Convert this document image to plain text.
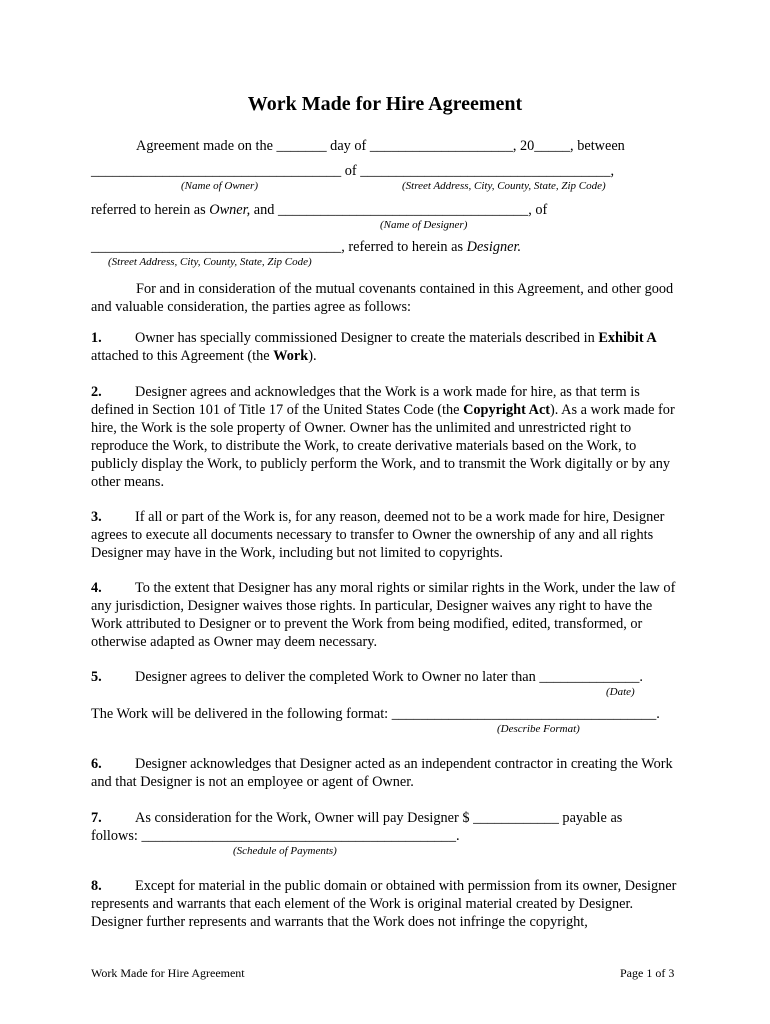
Work Made for Hire Agreement
Agreement made on the _______ day of ____________________, 20_____, between
___________________________________ of ___________________________________,
(Name of Owner)	(Street Address, City, County, State, Zip Code)
referred to herein as Owner, and ___________________________________, of
(Name of Designer)
___________________________________, referred to herein as Designer.
(Street Address, City, County, State, Zip Code)
For and in consideration of the mutual covenants contained in this Agreement, and other good and valuable consideration, the parties agree as follows:
1. Owner has specially commissioned Designer to create the materials described in Exhibit A attached to this Agreement (the Work).
2. Designer agrees and acknowledges that the Work is a work made for hire, as that term is defined in Section 101 of Title 17 of the United States Code (the Copyright Act). As a work made for hire, the Work is the sole property of Owner. Owner has the unlimited and unrestricted right to reproduce the Work, to distribute the Work, to create derivative materials based on the Work, to publicly display the Work, to publicly perform the Work, and to transmit the Work digitally or by any other means.
3. If all or part of the Work is, for any reason, deemed not to be a work made for hire, Designer agrees to execute all documents necessary to transfer to Owner the ownership of any and all rights Designer may have in the Work, including but not limited to copyrights.
4. To the extent that Designer has any moral rights or similar rights in the Work, under the law of any jurisdiction, Designer waives those rights. In particular, Designer waives any right to have the Work attributed to Designer or to prevent the Work from being modified, edited, transformed, or otherwise adapted as Owner may deem necessary.
5. Designer agrees to deliver the completed Work to Owner no later than ______________.
(Date)
The Work will be delivered in the following format: _____________________________________.
(Describe Format)
6. Designer acknowledges that Designer acted as an independent contractor in creating the Work and that Designer is not an employee or agent of Owner.
7. As consideration for the Work, Owner will pay Designer $ ____________ payable as
follows: ____________________________________________.
(Schedule of Payments)
8. Except for material in the public domain or obtained with permission from its owner, Designer represents and warrants that each element of the Work is original material created by Designer. Designer further represents and warrants that the Work does not infringe the copyright,
Work Made for Hire Agreement	Page 1 of 3
